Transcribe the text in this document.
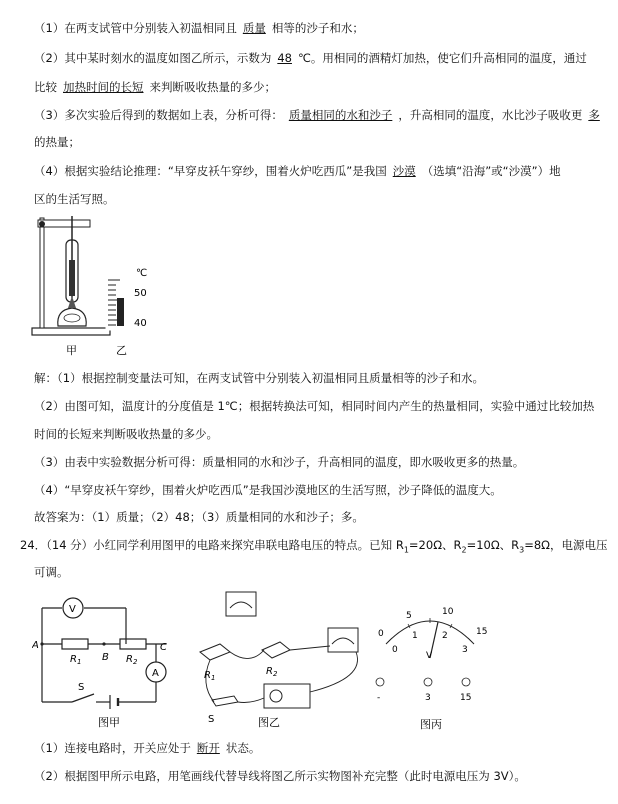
（1）在两支试管中分别装入初温相同且 质量 相等的沙子和水；
（2）其中某时刻水的温度如图乙所示，示数为 48 ℃。用相同的酒精灯加热，使它们升高相同的温度，通过
比较 加热时间的长短 来判断吸收热量的多少；
（3）多次实验后得到的数据如上表，分析可得： 质量相同的水和沙子 ，升高相同的温度，水比沙子吸收更 多
的热量；
（4）根据实验结论推理：“早穿皮袄午穿纱，围着火炉吃西瓜”是我国 沙漠 （选填“沿海”或“沙漠”）地
区的生活写照。
℃
50
40
甲	乙
解：（1）根据控制变量法可知，在两支试管中分别装入初温相同且质量相等的沙子和水。
（2）由图可知，温度计的分度值是 1℃；根据转换法可知，相同时间内产生的热量相同，实验中通过比较加热
时间的长短来判断吸收热量的多少。
（3）由表中实验数据分析可得：质量相同的水和沙子，升高相同的温度，即水吸收更多的热量。
（4）“早穿皮袄午穿纱，围着火炉吃西瓜”是我国沙漠地区的生活写照，沙子降低的温度大。
故答案为：（1）质量；（2）48；（3）质量相同的水和沙子；多。
24．（14 分）小红同学利用图甲的电路来探究串联电路电压的特点。已知 $R_1=20\Omega$、$R_2=10\Omega$、$R_3=8\Omega$，电源电压
可调。
V
A
A
B
C
$R_1$	$R_2$
S
图甲
$R_1$
$R_2$
S	图乙
0
5	10
15
0
1	2
3
V
-	3	15
图丙
（1）连接电路时，开关应处于 断开 状态。
（2）根据图甲所示电路，用笔画线代替导线将图乙所示实物图补充完整（此时电源电压为 3V）。
